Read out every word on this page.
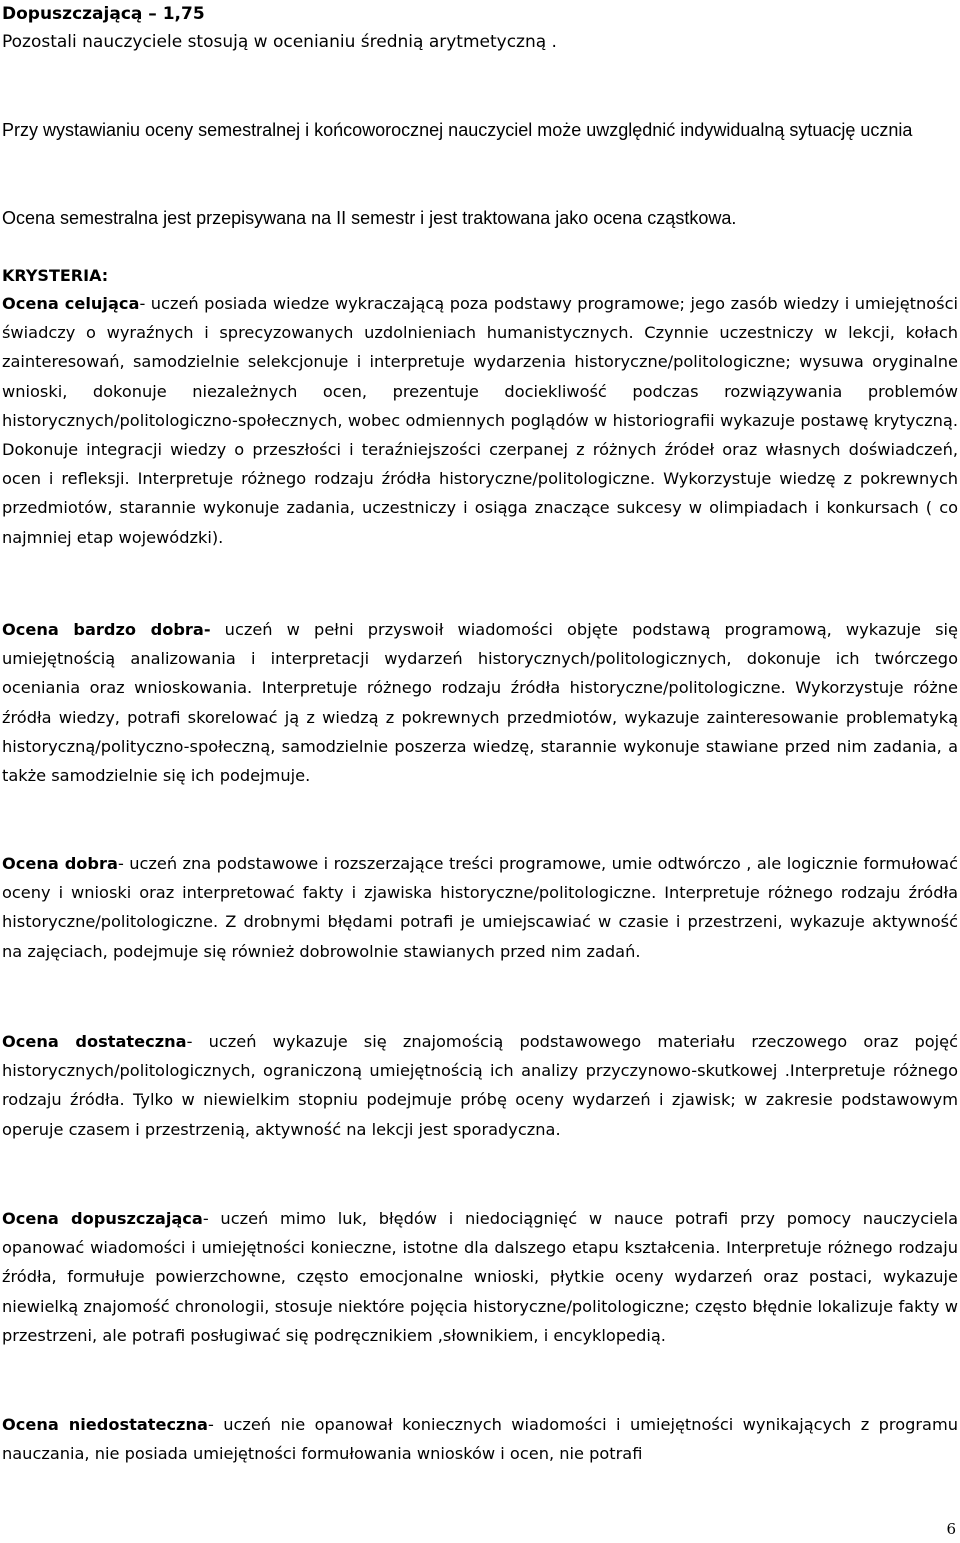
Dopuszczającą – 1,75

Pozostali nauczyciele stosują w ocenianiu średnią arytmetyczną .

Przy wystawianiu oceny semestralnej i końcoworocznej nauczyciel może uwzględnić indywidualną sytuację ucznia

Ocena semestralna jest przepisywana na II semestr i jest traktowana jako ocena cząstkowa.

KRYSTERIA:

Ocena celująca- uczeń posiada wiedze wykraczającą poza podstawy programowe; jego zasób wiedzy i umiejętności świadczy o wyraźnych i sprecyzowanych uzdolnieniach humanistycznych. Czynnie uczestniczy w lekcji, kołach zainteresowań, samodzielnie selekcjonuje i interpretuje wydarzenia historyczne/politologiczne; wysuwa oryginalne wnioski, dokonuje niezależnych ocen, prezentuje dociekliwość podczas rozwiązywania problemów historycznych/politologiczno-społecznych, wobec odmiennych poglądów w historiografii wykazuje postawę krytyczną. Dokonuje integracji wiedzy o przeszłości i teraźniejszości czerpanej z różnych źródeł oraz własnych doświadczeń, ocen i refleksji. Interpretuje różnego rodzaju źródła historyczne/politologiczne. Wykorzystuje wiedzę z pokrewnych przedmiotów, starannie wykonuje zadania, uczestniczy i osiąga znaczące sukcesy w olimpiadach i konkursach ( co najmniej etap wojewódzki).

Ocena bardzo dobra- uczeń w pełni przyswoił wiadomości objęte podstawą programową, wykazuje się umiejętnością analizowania i interpretacji wydarzeń historycznych/politologicznych, dokonuje ich twórczego oceniania oraz wnioskowania. Interpretuje różnego rodzaju źródła historyczne/politologiczne. Wykorzystuje różne źródła wiedzy, potrafi skorelować ją z wiedzą z pokrewnych przedmiotów, wykazuje zainteresowanie problematyką historyczną/polityczno-społeczną, samodzielnie poszerza wiedzę, starannie wykonuje stawiane przed nim zadania, a także samodzielnie się ich podejmuje.

Ocena dobra- uczeń zna podstawowe i rozszerzające treści programowe, umie odtwórczo , ale logicznie formułować oceny i wnioski oraz interpretować fakty i zjawiska historyczne/politologiczne. Interpretuje różnego rodzaju źródła historyczne/politologiczne. Z drobnymi błędami potrafi je umiejscawiać w czasie i przestrzeni, wykazuje aktywność na zajęciach, podejmuje się również dobrowolnie stawianych przed nim zadań.

Ocena dostateczna- uczeń wykazuje się znajomością podstawowego materiału rzeczowego oraz pojęć historycznych/politologicznych, ograniczoną umiejętnością ich analizy przyczynowo-skutkowej .Interpretuje różnego rodzaju źródła. Tylko w niewielkim stopniu podejmuje próbę oceny wydarzeń i zjawisk; w zakresie podstawowym operuje czasem i przestrzenią, aktywność na lekcji jest sporadyczna.

Ocena dopuszczająca- uczeń mimo luk, błędów i niedociągnięć w nauce potrafi przy pomocy nauczyciela opanować wiadomości i umiejętności konieczne, istotne dla dalszego etapu kształcenia. Interpretuje różnego rodzaju źródła, formułuje powierzchowne, często emocjonalne wnioski, płytkie oceny wydarzeń oraz postaci, wykazuje niewielką znajomość chronologii, stosuje niektóre pojęcia historyczne/politologiczne; często błędnie lokalizuje fakty w przestrzeni, ale potrafi posługiwać się podręcznikiem ,słownikiem, i encyklopedią.

Ocena niedostateczna- uczeń nie opanował koniecznych wiadomości i umiejętności wynikających z programu nauczania, nie posiada umiejętności formułowania wniosków i ocen, nie potrafi

6
